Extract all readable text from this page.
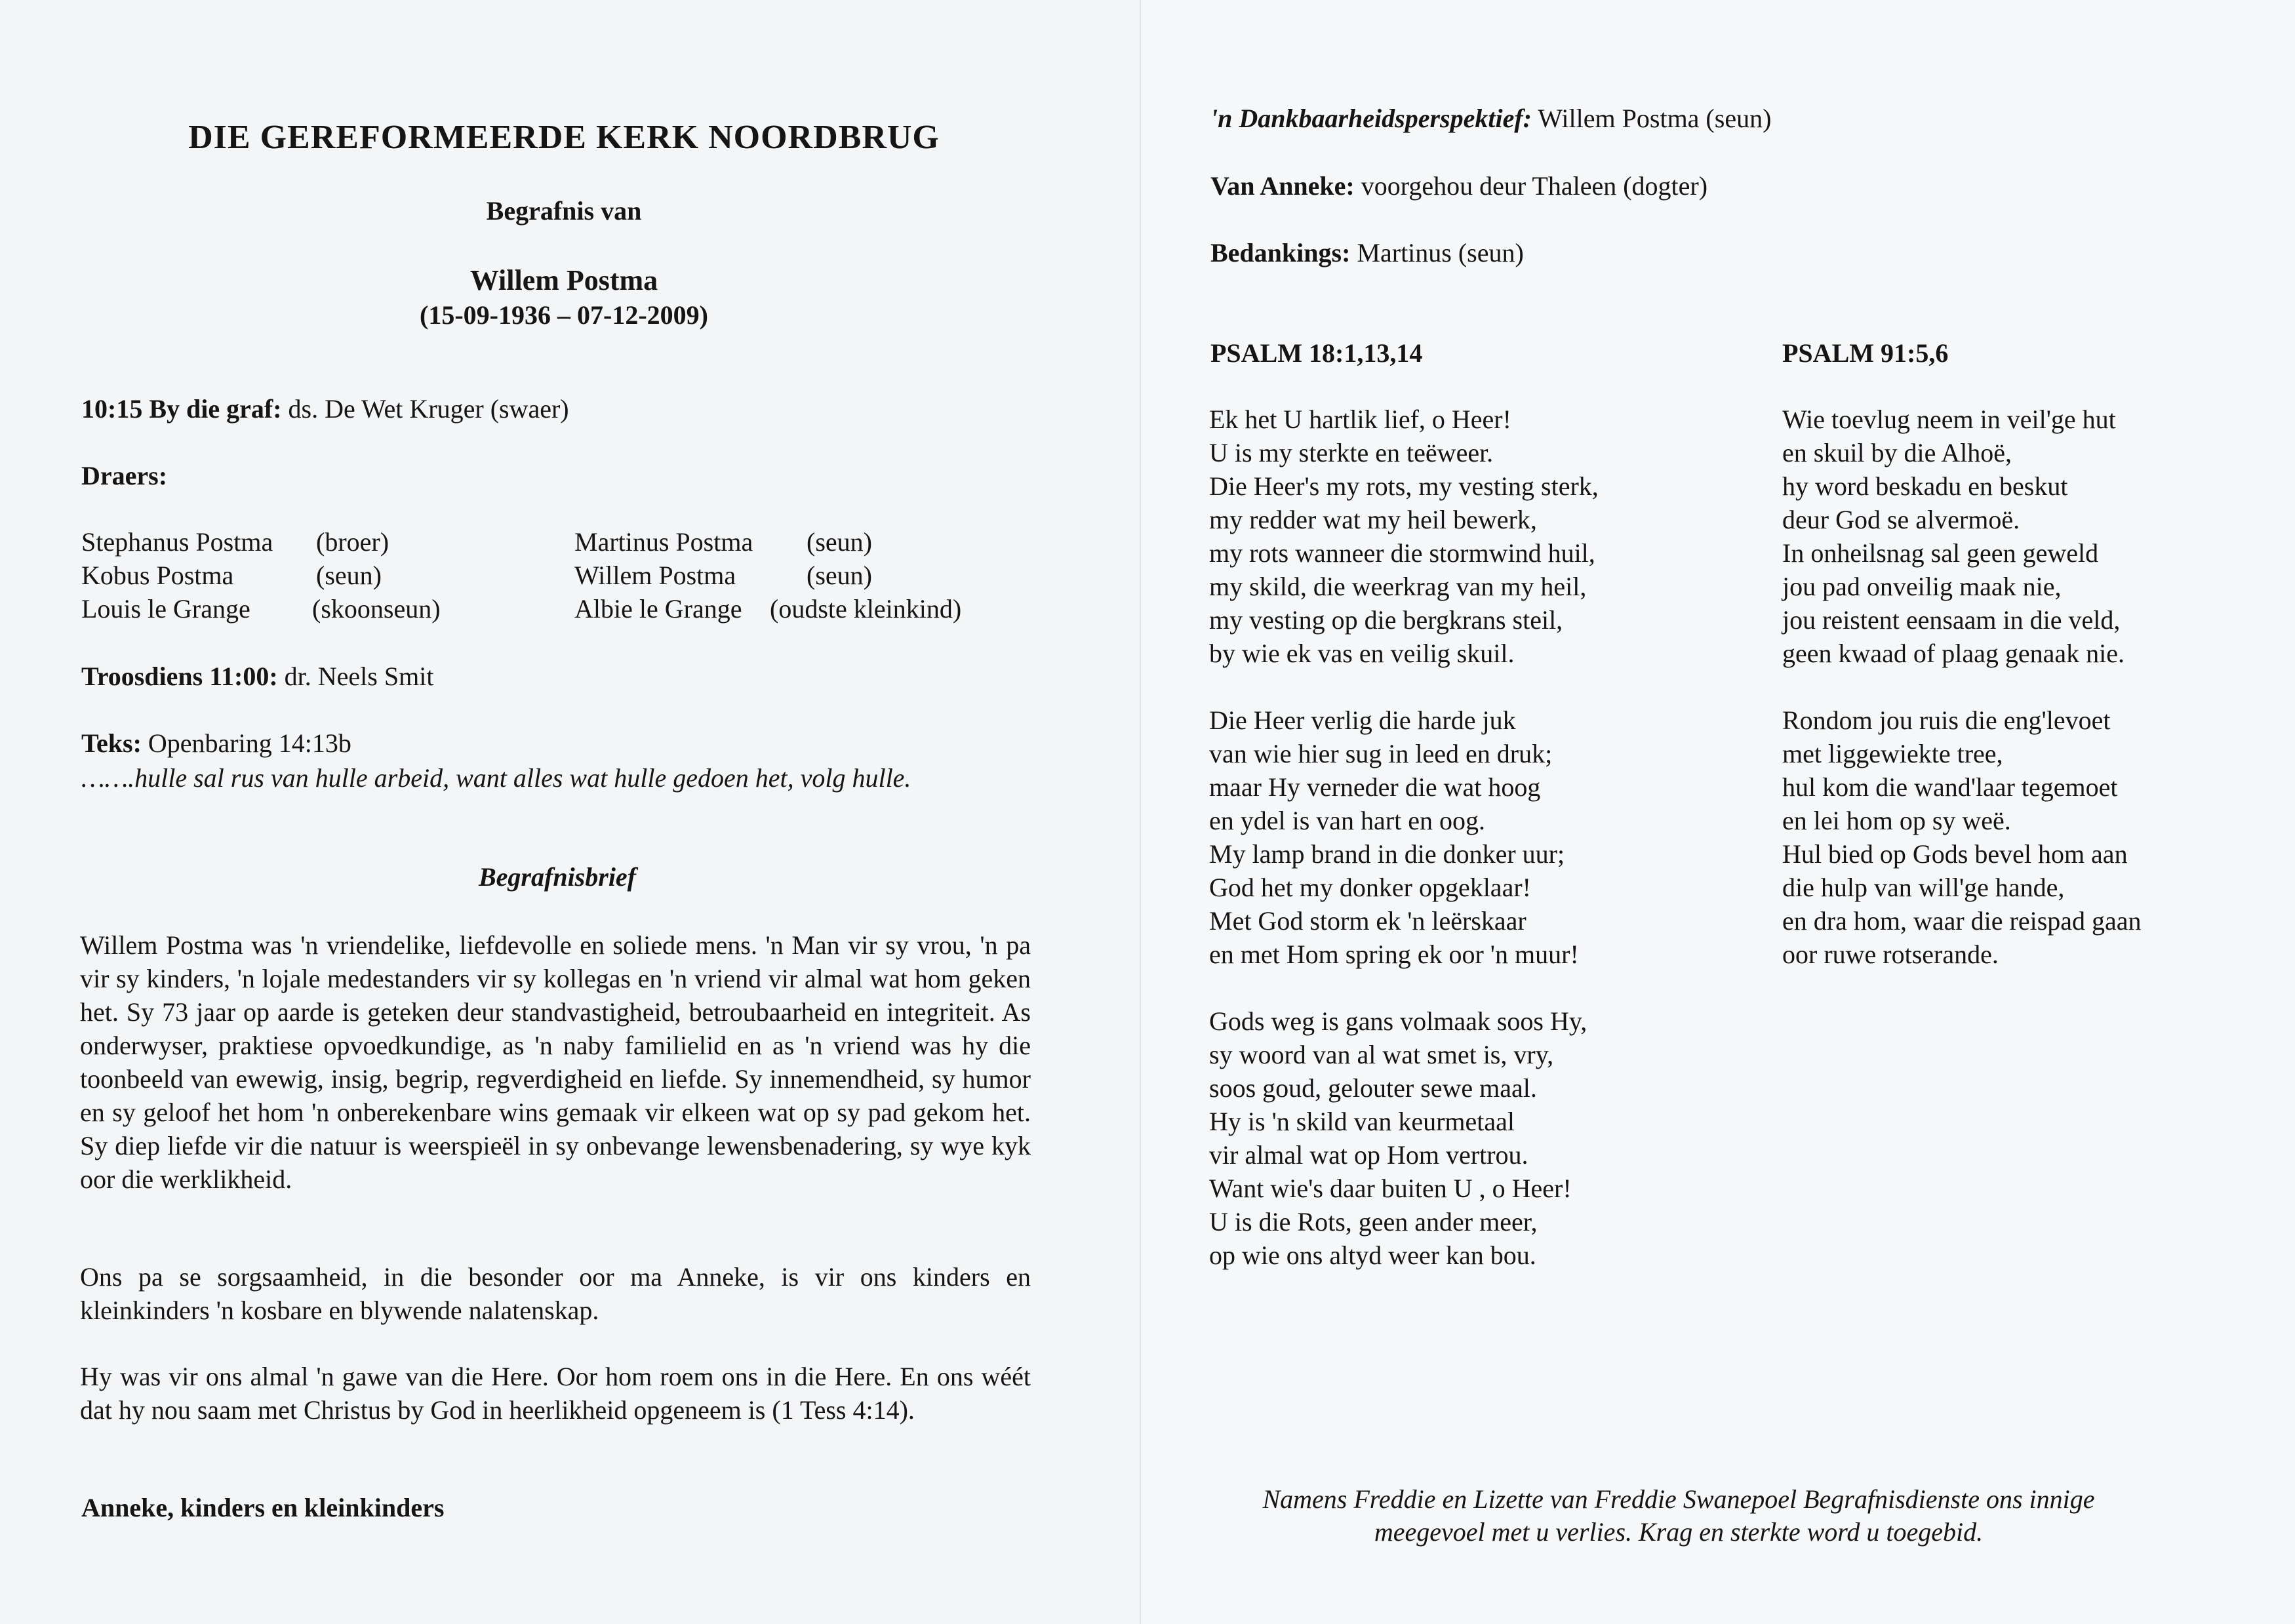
DIE GEREFORMEERDE KERK NOORDBRUG
Begrafnis van
Willem Postma
(15-09-1936 – 07-12-2009)
10:15 By die graf: ds. De Wet Kruger (swaer)
Draers:
Stephanus Postma (broer)
Kobus Postma	(seun)
Louis le Grange (skoonseun)
Martinus Postma (seun)
Willem Postma	(seun)
Albie le Grange (oudste kleinkind)
Troosdiens 11:00: dr. Neels Smit
Teks: Openbaring 14:13b
…….hulle sal rus van hulle arbeid, want alles wat hulle gedoen het, volg hulle.
Begrafnisbrief
Willem Postma was 'n vriendelike, liefdevolle en soliede mens. 'n Man vir sy vrou, 'n pa vir sy kinders, 'n lojale medestanders vir sy kollegas en 'n vriend vir almal wat hom geken het. Sy 73 jaar op aarde is geteken deur standvastigheid, betroubaarheid en integriteit. As onderwyser, praktiese opvoedkundige, as 'n naby familielid en as 'n vriend was hy die toonbeeld van ewewig, insig, begrip, regverdigheid en liefde. Sy innemendheid, sy humor en sy geloof het hom 'n onberekenbare wins gemaak vir elkeen wat op sy pad gekom het. Sy diep liefde vir die natuur is weerspieël in sy onbevange lewensbenadering, sy wye kyk oor die werklikheid.
Ons pa se sorgsaamheid, in die besonder oor ma Anneke, is vir ons kinders en kleinkinders 'n kosbare en blywende nalatenskap.
Hy was vir ons almal 'n gawe van die Here. Oor hom roem ons in die Here. En ons wéét dat hy nou saam met Christus by God in heerlikheid opgeneem is (1 Tess 4:14).
Anneke, kinders en kleinkinders
'n Dankbaarheidsperspektief: Willem Postma (seun)
Van Anneke: voorgehou deur Thaleen (dogter)
Bedankings: Martinus (seun)
PSALM 18:1,13,14
Ek het U hartlik lief, o Heer!
U is my sterkte en teëweer.
Die Heer's my rots, my vesting sterk,
my redder wat my heil bewerk,
my rots wanneer die stormwind huil,
my skild, die weerkrag van my heil,
my vesting op die bergkrans steil,
by wie ek vas en veilig skuil.

Die Heer verlig die harde juk
van wie hier sug in leed en druk;
maar Hy verneder die wat hoog
en ydel is van hart en oog.
My lamp brand in die donker uur;
God het my donker opgeklaar!
Met God storm ek 'n leërskaar
en met Hom spring ek oor 'n muur!

Gods weg is gans volmaak soos Hy,
sy woord van al wat smet is, vry,
soos goud, gelouter sewe maal.
Hy is 'n skild van keurmetaal
vir almal wat op Hom vertrou.
Want wie's daar buiten U , o Heer!
U is die Rots, geen ander meer,
op wie ons altyd weer kan bou.
PSALM 91:5,6
Wie toevlug neem in veil'ge hut
en skuil by die Alhoë,
hy word beskadu en beskut
deur God se alvermoë.
In onheilsnag sal geen geweld
jou pad onveilig maak nie,
jou reistent eensaam in die veld,
geen kwaad of plaag genaak nie.

Rondom jou ruis die eng'levoet
met liggewiekte tree,
hul kom die wand'laar tegemoet
en lei hom op sy weë.
Hul bied op Gods bevel hom aan
die hulp van will'ge hande,
en dra hom, waar die reispad gaan
oor ruwe rotserande.
Namens Freddie en Lizette van Freddie Swanepoel Begrafnisdienste ons innige meegevoel met u verlies. Krag en sterkte word u toegebid.
